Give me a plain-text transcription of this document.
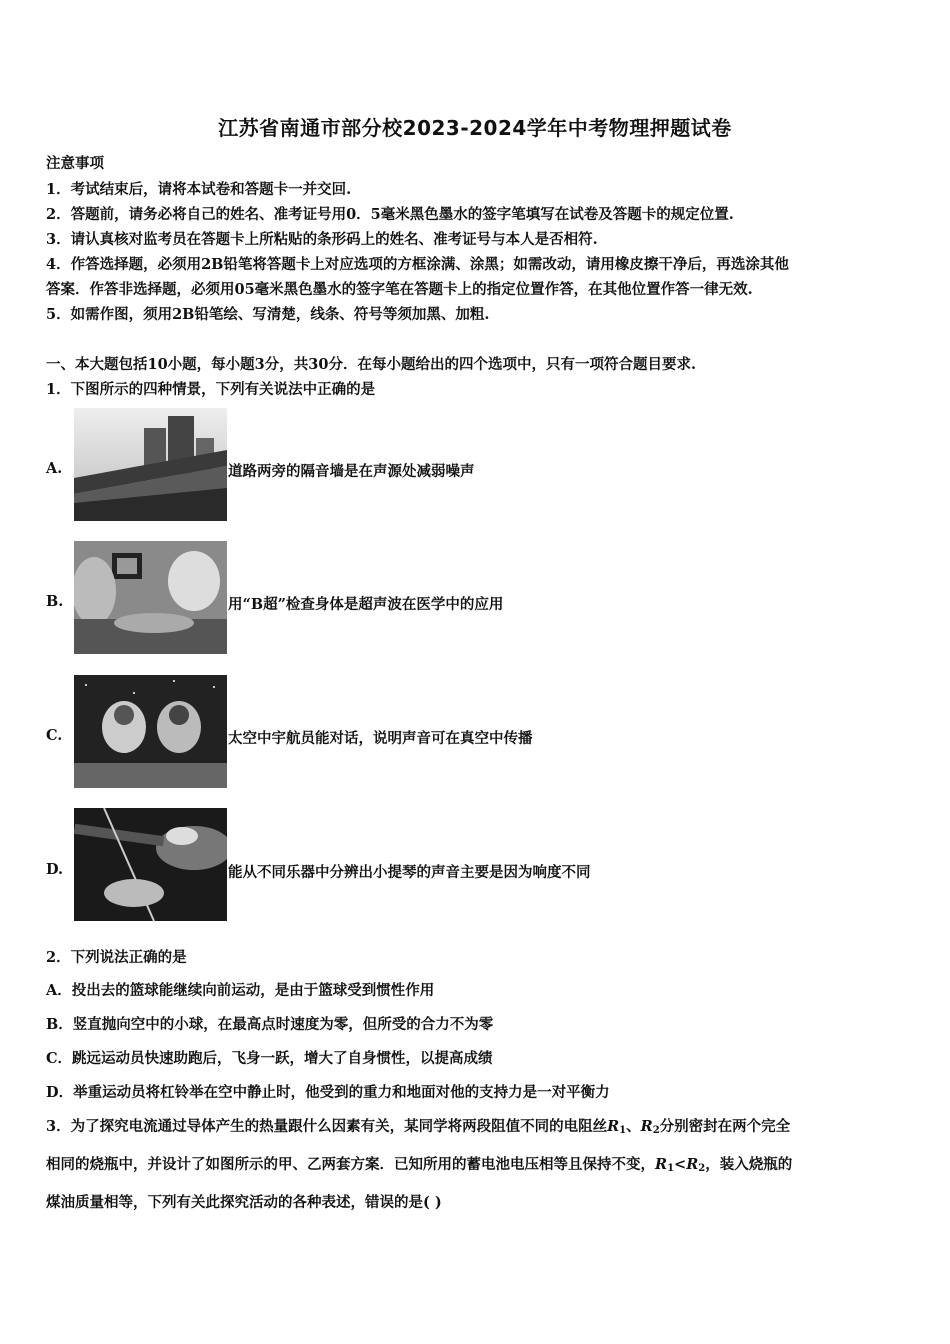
江苏省南通市部分校2023-2024学年中考物理押题试卷
注意事项
1．考试结束后，请将本试卷和答题卡一并交回.
2．答题前，请务必将自己的姓名、准考证号用0．5毫米黑色墨水的签字笔填写在试卷及答题卡的规定位置.
3．请认真核对监考员在答题卡上所粘贴的条形码上的姓名、准考证号与本人是否相符.
4．作答选择题，必须用2B铅笔将答题卡上对应选项的方框涂满、涂黑；如需改动，请用橡皮擦干净后，再选涂其他
答案．作答非选择题，必须用05毫米黑色墨水的签字笔在答题卡上的指定位置作答，在其他位置作答一律无效.
5．如需作图，须用2B铅笔绘、写清楚，线条、符号等须加黑、加粗.
一、本大题包括10小题，每小题3分，共30分．在每小题给出的四个选项中，只有一项符合题目要求.
1．下图所示的四种情景，下列有关说法中正确的是
A.	道路两旁的隔音墙是在声源处减弱噪声
B.	用“B超”检查身体是超声波在医学中的应用
C.	太空中宇航员能对话，说明声音可在真空中传播
D.	能从不同乐器中分辨出小提琴的声音主要是因为响度不同
2．下列说法正确的是
A．投出去的篮球能继续向前运动，是由于篮球受到惯性作用
B．竖直抛向空中的小球，在最高点时速度为零，但所受的合力不为零
C．跳远运动员快速助跑后，飞身一跃，增大了自身惯性，以提高成绩
D．举重运动员将杠铃举在空中静止时，他受到的重力和地面对他的支持力是一对平衡力
3．为了探究电流通过导体产生的热量跟什么因素有关，某同学将两段阻值不同的电阻丝$R_1$、$R_2$分别密封在两个完全
相同的烧瓶中，并设计了如图所示的甲、乙两套方案．已知所用的蓄电池电压相等且保持不变，$R_1<R_2$，装入烧瓶的
煤油质量相等，下列有关此探究活动的各种表述，错误的是( )
